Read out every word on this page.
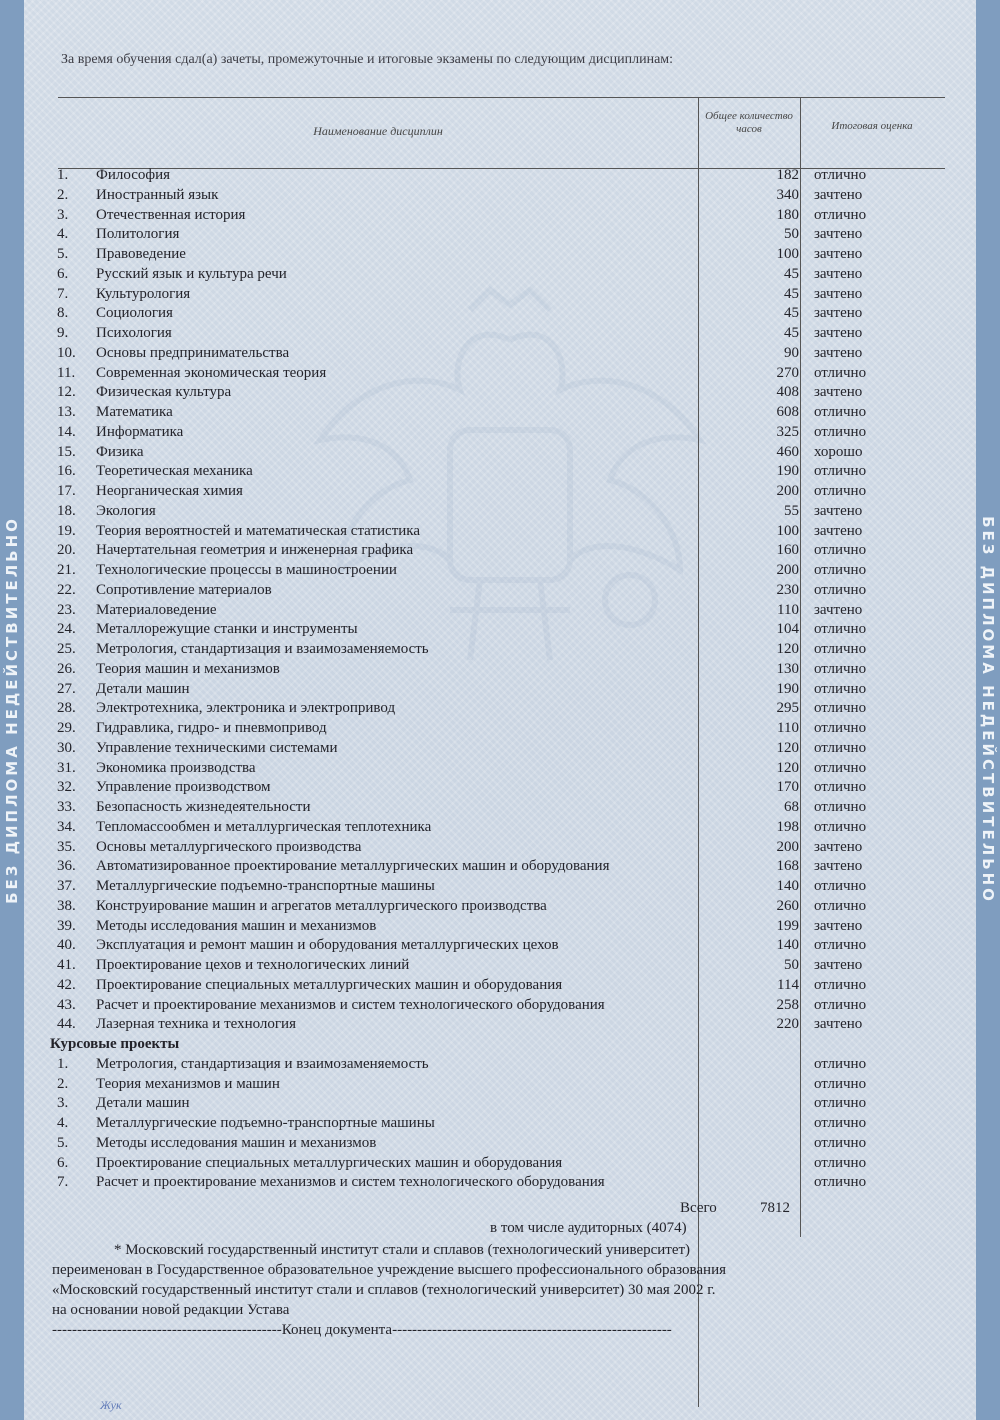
БЕЗ ДИПЛОМА НЕДЕЙСТВИТЕЛЬНО	БЕЗ ДИПЛОМА НЕДЕЙСТВИТЕЛЬНО
За время обучения сдал(а) зачеты, промежуточные и итоговые экзамены по следующим дисциплинам:
Наименование дисциплин
Общее количество часов	Итоговая оценка
1.	Философия	182 отлично
2.	Иностранный язык	340 зачтено
3.	Отечественная история	180 отлично
4.	Политология	50 зачтено
5.	Правоведение	100 зачтено
6.	Русский язык и культура речи	45 зачтено
7.	Культурология	45 зачтено
8.	Социология	45 зачтено
9.	Психология	45 зачтено
10.	Основы предпринимательства	90 зачтено
11.	Современная экономическая теория	270 отлично
12.	Физическая культура	408 зачтено
13.	Математика	608 отлично
14.	Информатика	325 отлично
15.	Физика	460 хорошо
16.	Теоретическая механика	190 отлично
17.	Неорганическая химия	200 отлично
18.	Экология	55 зачтено
19.	Теория вероятностей и математическая статистика	100 зачтено
20.	Начертательная геометрия и инженерная графика	160 отлично
21.	Технологические процессы в машиностроении	200 отлично
22.	Сопротивление материалов	230 отлично
23.	Материаловедение	110 зачтено
24.	Металлорежущие станки и инструменты	104 отлично
25.	Метрология, стандартизация и взаимозаменяемость	120 отлично
26.	Теория машин и механизмов	130 отлично
27.	Детали машин	190 отлично
28.	Электротехника, электроника и электропривод	295 отлично
29.	Гидравлика, гидро- и пневмопривод	110 отлично
30.	Управление техническими системами	120 отлично
31.	Экономика производства	120 отлично
32.	Управление производством	170 отлично
33.	Безопасность жизнедеятельности	68 отлично
34.	Тепломассообмен и металлургическая теплотехника	198 отлично
35.	Основы металлургического производства	200 зачтено
36.	Автоматизированное проектирование металлургических машин и оборудования	168 зачтено
37.	Металлургические подъемно-транспортные машины	140 отлично
38.	Конструирование машин и агрегатов металлургического производства	260 отлично
39.	Методы исследования машин и механизмов	199 зачтено
40.	Эксплуатация и ремонт машин и оборудования металлургических цехов	140 отлично
41.	Проектирование цехов и технологических линий	50 зачтено
42.	Проектирование специальных металлургических машин и оборудования	114 отлично
43.	Расчет и проектирование механизмов и систем технологического оборудования	258 отлично
44.	Лазерная техника и технология	220 зачтено
Курсовые проекты
1.	Метрология, стандартизация и взаимозаменяемость	отлично
2.	Теория механизмов и машин	отлично
3.	Детали машин	отлично
4.	Металлургические подъемно-транспортные машины	отлично
5.	Методы исследования машин и механизмов	отлично
6.	Проектирование специальных металлургических машин и оборудования	отлично
7.	Расчет и проектирование механизмов и систем технологического оборудования	отлично
Всего	7812
в том числе аудиторных (4074)
* Московский государственный институт стали и сплавов (технологический университет) переименован в Государственное образовательное учреждение высшего профессионального образования «Московский государственный институт стали и сплавов (технологический университет) 30 мая 2002 г. на основании новой редакции Устава
----------------------------------------------Конец документа--------------------------------------------------------
Жук
